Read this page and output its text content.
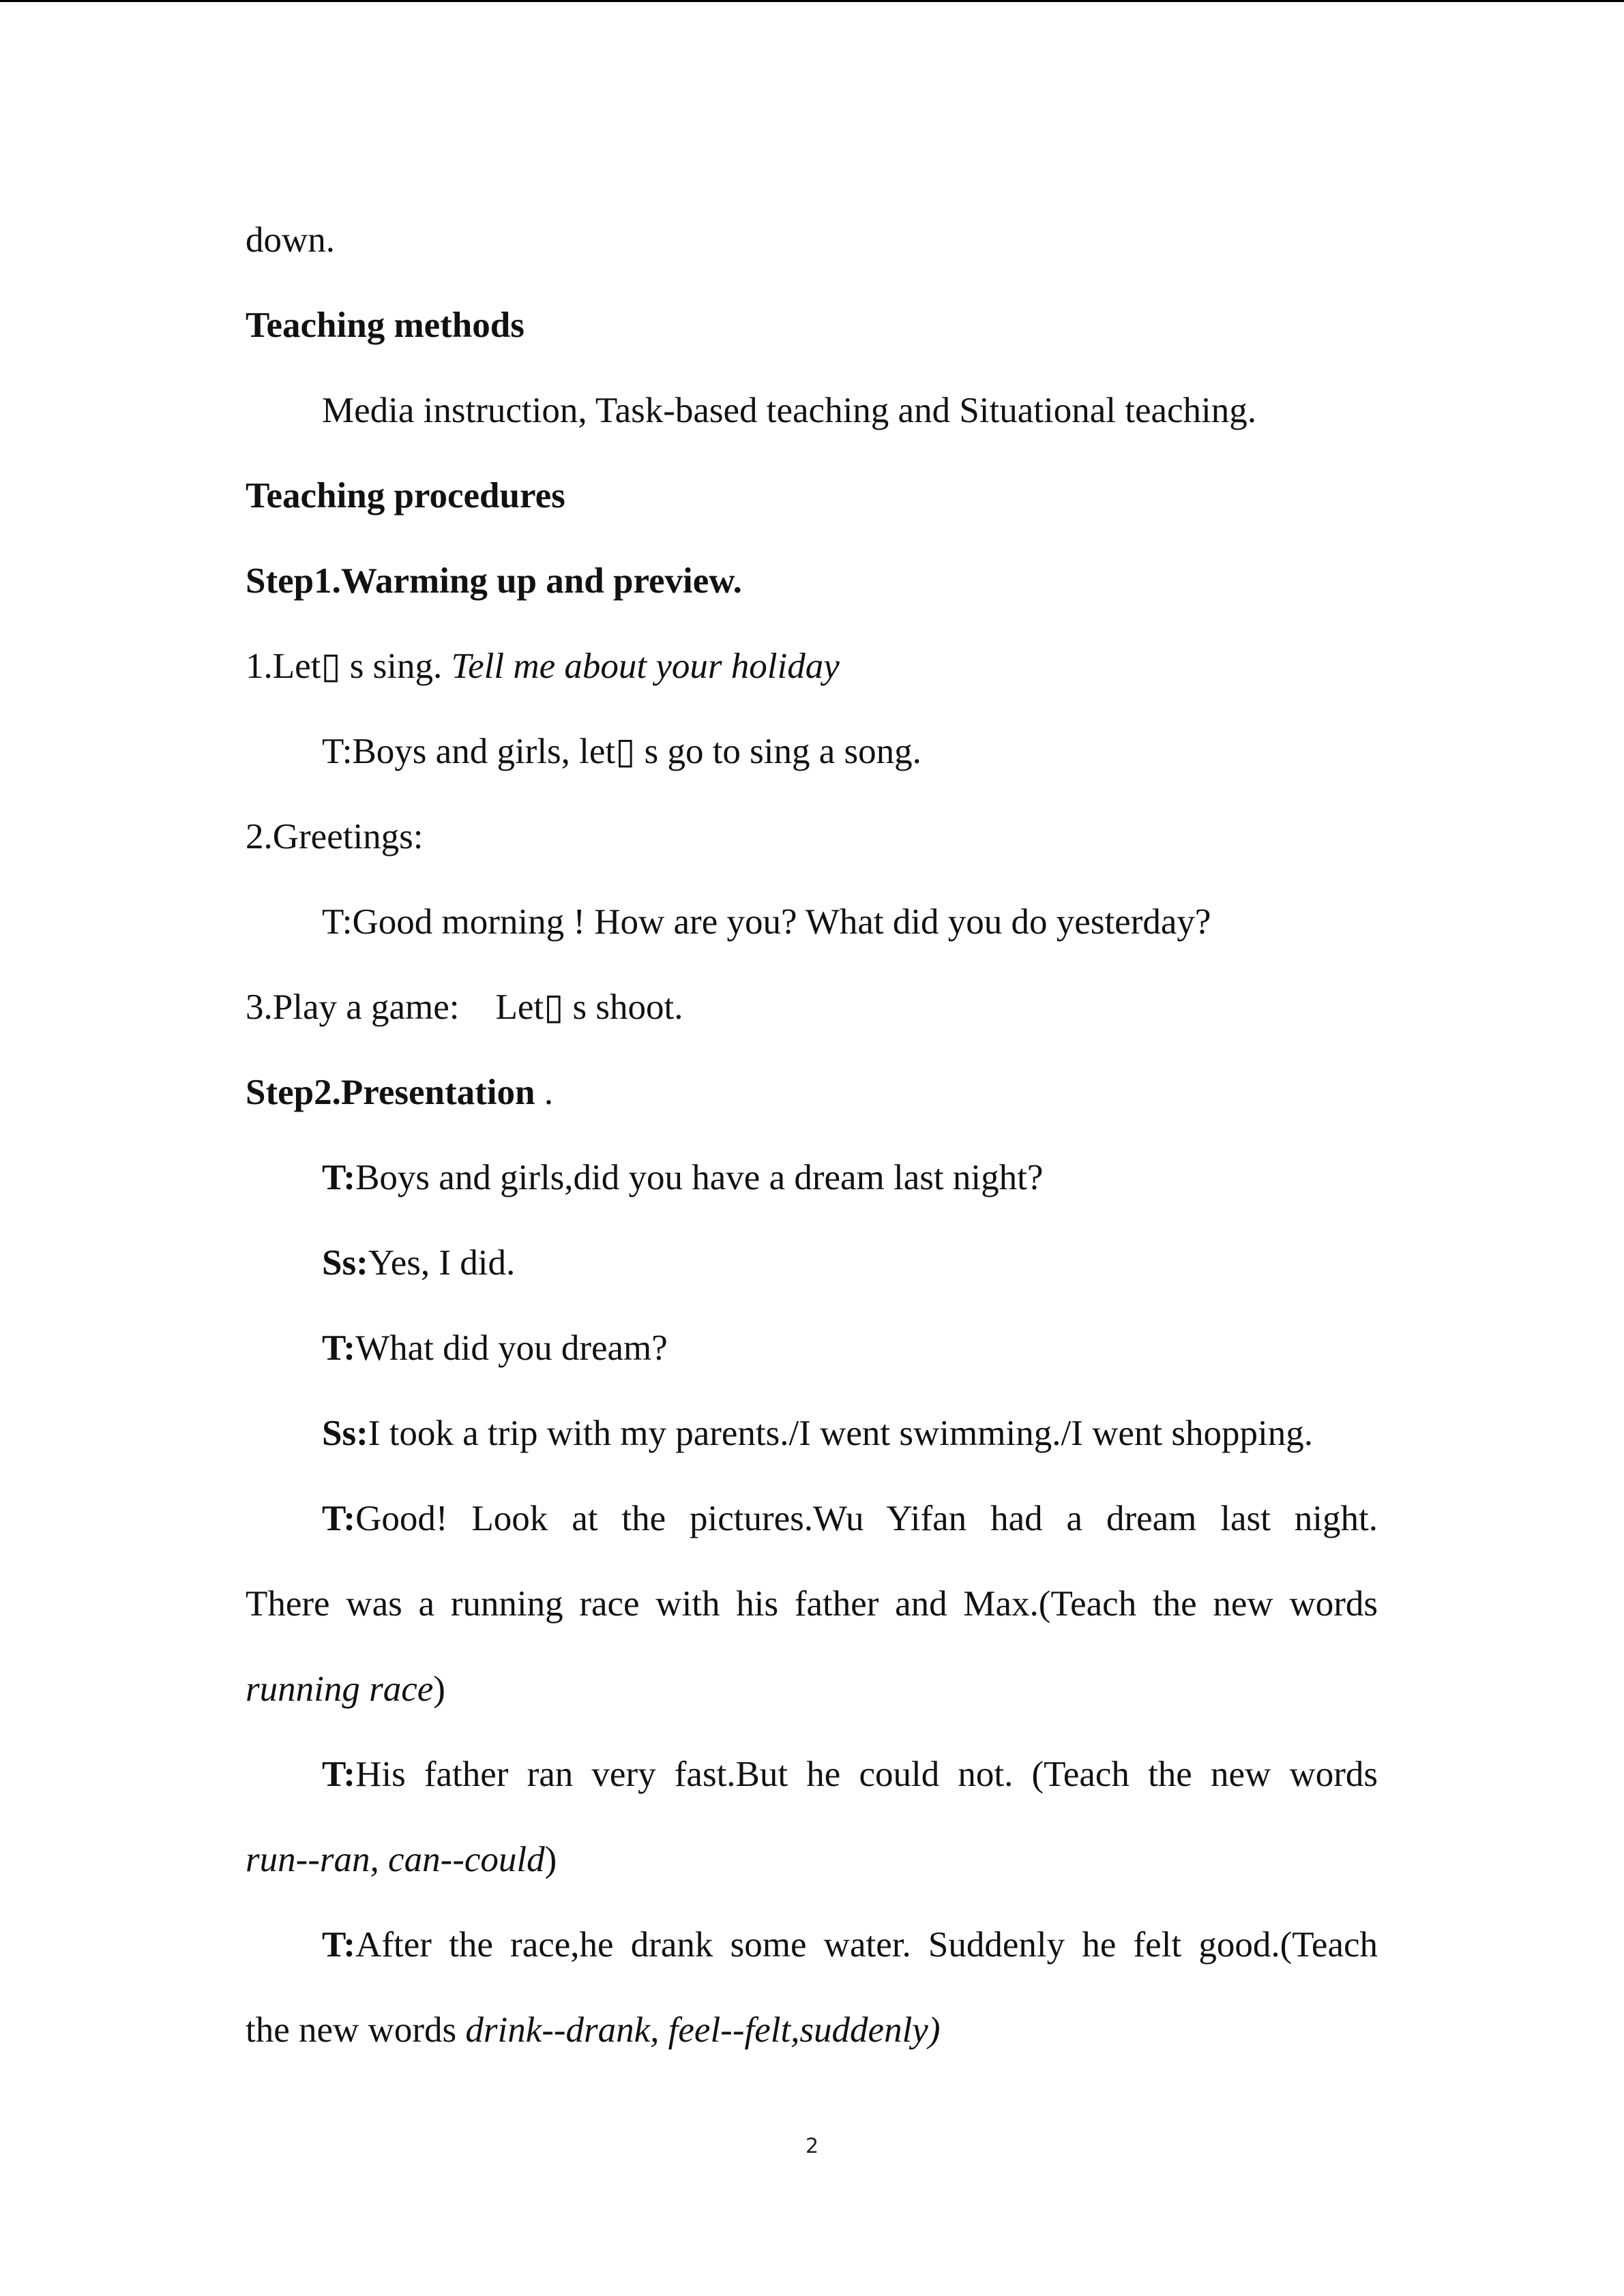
down.
Teaching methods
Media instruction, Task-based teaching and Situational teaching.
Teaching procedures
Step1.Warming up and preview.
1.Let▯ s sing. Tell me about your holiday
T:Boys and girls, let▯ s go to sing a song.
2.Greetings:
T:Good morning ! How are you? What did you do yesterday?
3.Play a game:    Let▯ s shoot.
Step2.Presentation .
T:Boys and girls,did you have a dream last night?
Ss:Yes, I did.
T:What did you dream?
Ss:I took a trip with my parents./I went swimming./I went shopping.
T:Good! Look at the pictures.Wu Yifan had a dream last night.
There was a running race with his father and Max.(Teach the new words
running race)
T:His father ran very fast.But he could not. (Teach the new words
run--ran, can--could)
T:After the race,he drank some water. Suddenly he felt good.(Teach
the new words drink--drank, feel--felt,suddenly)
2
